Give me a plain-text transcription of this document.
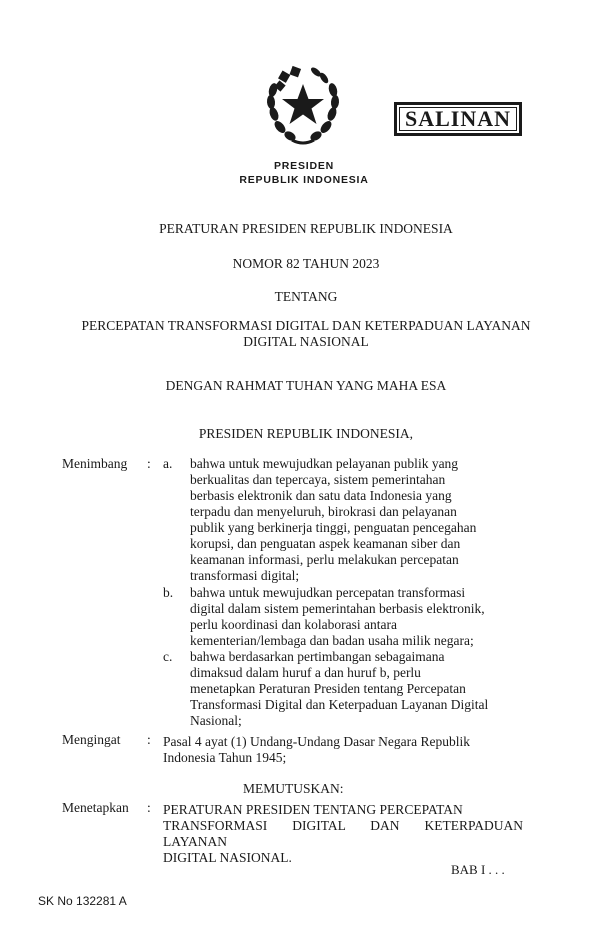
SALINAN
PRESIDEN
REPUBLIK INDONESIA
PERATURAN PRESIDEN REPUBLIK INDONESIA
NOMOR 82 TAHUN 2023
TENTANG
PERCEPATAN TRANSFORMASI DIGITAL DAN KETERPADUAN LAYANAN
DIGITAL NASIONAL
DENGAN RAHMAT TUHAN YANG MAHA ESA
PRESIDEN REPUBLIK INDONESIA,
Menimbang : a. bahwa untuk mewujudkan pelayanan publik yang
berkualitas dan tepercaya, sistem pemerintahan
berbasis elektronik dan satu data Indonesia yang
terpadu dan menyeluruh, birokrasi dan pelayanan
publik yang berkinerja tinggi, penguatan pencegahan
korupsi, dan penguatan aspek keamanan siber dan
keamanan informasi, perlu melakukan percepatan
transformasi digital;
b. bahwa untuk mewujudkan percepatan transformasi
digital dalam sistem pemerintahan berbasis elektronik,
perlu koordinasi dan kolaborasi antara
kementerian/lembaga dan badan usaha milik negara;
c. bahwa berdasarkan pertimbangan sebagaimana
dimaksud dalam huruf a dan huruf b, perlu
menetapkan Peraturan Presiden tentang Percepatan
Transformasi Digital dan Keterpaduan Layanan Digital
Nasional;
Mengingat : Pasal 4 ayat (1) Undang-Undang Dasar Negara Republik
Indonesia Tahun 1945;
MEMUTUSKAN:
Menetapkan : PERATURAN PRESIDEN TENTANG PERCEPATAN
TRANSFORMASI DIGITAL DAN KETERPADUAN LAYANAN
DIGITAL NASIONAL.
BAB I . . .
SK No 132281 A
